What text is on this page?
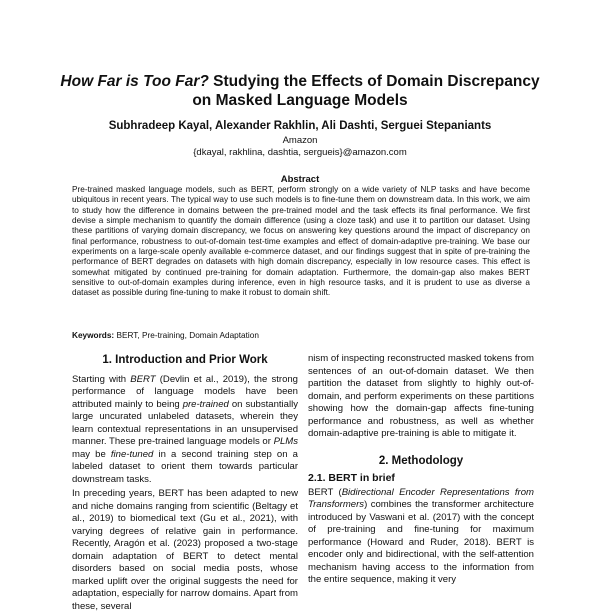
How Far is Too Far? Studying the Effects of Domain Discrepancy on Masked Language Models
Subhradeep Kayal, Alexander Rakhlin, Ali Dashti, Serguei Stepaniants
Amazon
{dkayal, rakhlina, dashtia, sergueis}@amazon.com
Abstract
Pre-trained masked language models, such as BERT, perform strongly on a wide variety of NLP tasks and have become ubiquitous in recent years. The typical way to use such models is to fine-tune them on downstream data. In this work, we aim to study how the difference in domains between the pre-trained model and the task effects its final performance. We first devise a simple mechanism to quantify the domain difference (using a cloze task) and use it to partition our dataset. Using these partitions of varying domain discrepancy, we focus on answering key questions around the impact of discrepancy on final performance, robustness to out-of-domain test-time examples and effect of domain-adaptive pre-training. We base our experiments on a large-scale openly available e-commerce dataset, and our findings suggest that in spite of pre-training the performance of BERT degrades on datasets with high domain discrepancy, especially in low resource cases. This effect is somewhat mitigated by continued pre-training for domain adaptation. Furthermore, the domain-gap also makes BERT sensitive to out-of-domain examples during inference, even in high resource tasks, and it is prudent to use as diverse a dataset as possible during fine-tuning to make it robust to domain shift.
Keywords: BERT, Pre-training, Domain Adaptation
1. Introduction and Prior Work

Starting with BERT (Devlin et al., 2019), the strong performance of language models have been attributed mainly to being pre-trained on substantially large uncurated unlabeled datasets, wherein they learn contextual representations in an unsupervised manner. These pre-trained language models or PLMs may be fine-tuned in a second training step on a labeled dataset to orient them towards particular downstream tasks.

In preceding years, BERT has been adapted to new and niche domains ranging from scientific (Beltagy et al., 2019) to biomedical text (Gu et al., 2021), with varying degrees of relative gain in performance. Recently, Aragón et al. (2023) proposed a two-stage domain adaptation of BERT to detect mental disorders based on social media posts, whose marked uplift over the original suggests the need for adaptation, especially for narrow domains. Apart from these, several

nism of inspecting reconstructed masked tokens from sentences of an out-of-domain dataset. We then partition the dataset from slightly to highly out-of-domain, and perform experiments on these partitions showing how the domain-gap affects fine-tuning performance and robustness, as well as whether domain-adaptive pre-training is able to mitigate it.

2. Methodology
2.1. BERT in brief

BERT (Bidirectional Encoder Representations from Transformers) combines the transformer architecture introduced by Vaswani et al. (2017) with the concept of pre-training and fine-tuning for maximum performance (Howard and Ruder, 2018). BERT is encoder only and bidirectional, with the self-attention mechanism having access to the information from the entire sequence, making it very
